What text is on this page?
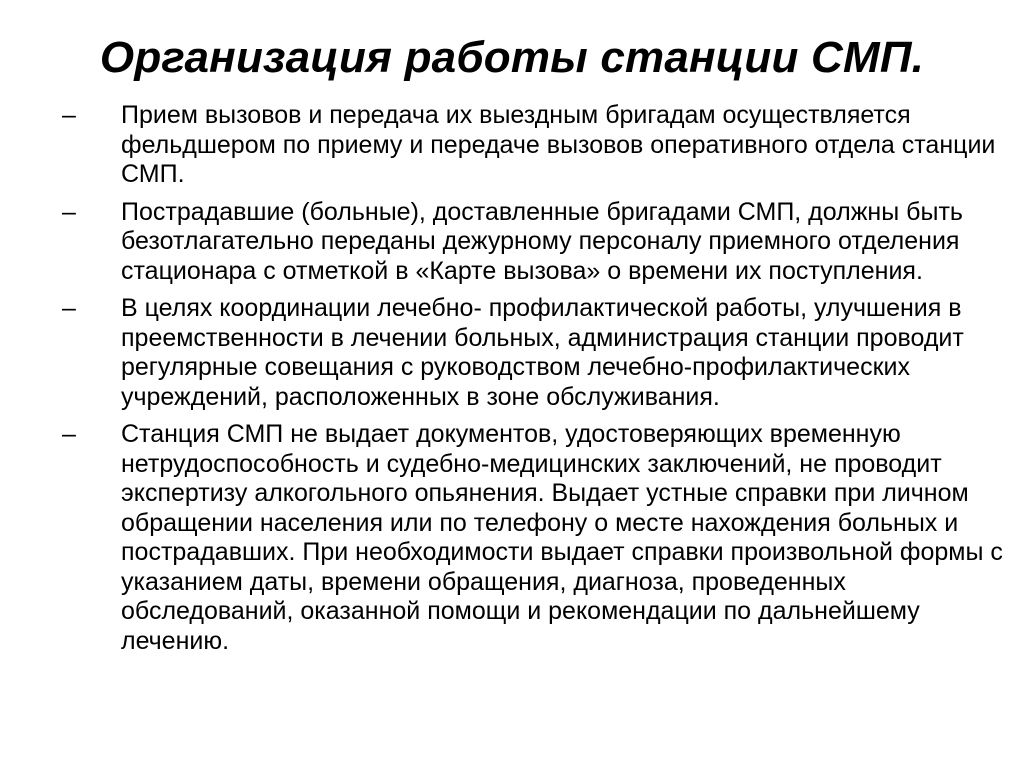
Организация работы станции СМП.
– Прием вызовов и передача их выездным бригадам осуществляется фельдшером по приему и передаче вызовов оперативного отдела станции СМП.
– Пострадавшие (больные), доставленные бригадами СМП, должны быть безотлагательно переданы дежурному персоналу приемного отделения стационара с отметкой в «Карте вызова» о времени их поступления.
– В целях координации лечебно- профилактической работы, улучшения в преемственности в лечении больных, администрация станции проводит регулярные совещания с руководством лечебно-профилактических учреждений, расположенных в зоне обслуживания.
– Станция СМП не выдает документов, удостоверяющих временную нетрудоспособность и судебно-медицинских заключений, не проводит экспертизу алкогольного опьянения. Выдает устные справки при личном обращении населения или по телефону о месте нахождения больных и пострадавших. При необходимости выдает справки произвольной формы с указанием даты, времени обращения, диагноза, проведенных обследований, оказанной помощи и рекомендации по дальнейшему лечению.
